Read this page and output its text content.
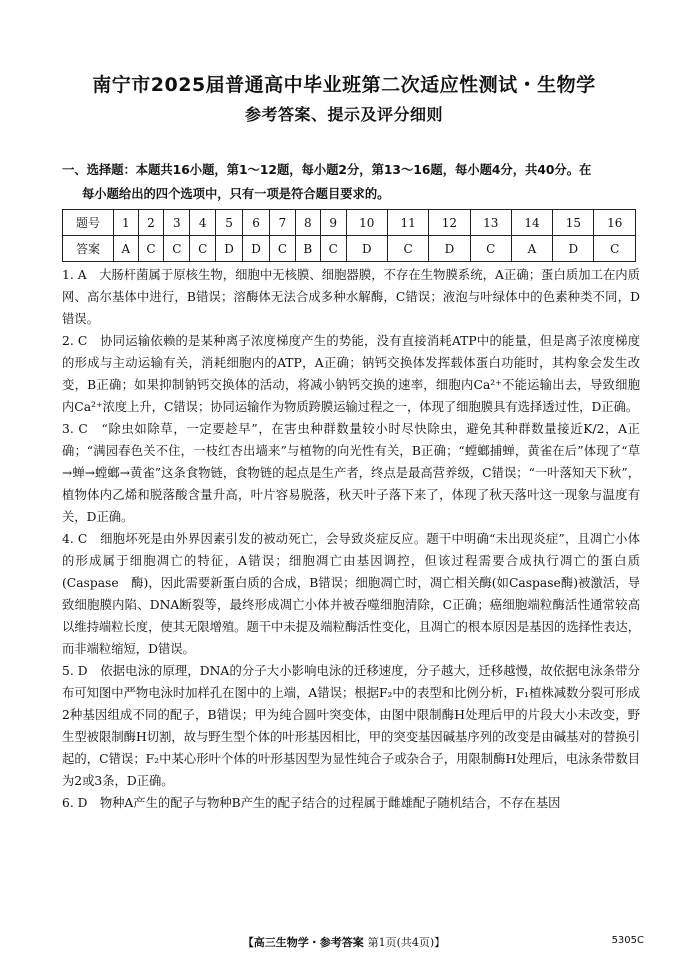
南宁市2025届普通高中毕业班第二次适应性测试・生物学
参考答案、提示及评分细则
一、选择题：本题共16小题，第1～12题，每小题2分，第13～16题，每小题4分，共40分。在
每小题给出的四个选项中，只有一项是符合题目要求的。
题号	1	2	3	4	5	6	7	8	9	10	11	12	13	14	15	16
答案	A	C	C	C	D	D	C	B	C	D	C	D	C	A	D	C

1. A　 大肠杆菌属于原核生物，细胞中无核膜、细胞器膜，不存在生物膜系统，A正确；蛋白质加工在内质网、高尔基体中进行，B错误；溶酶体无法合成多种水解酶，C错误；液泡与叶绿体中的色素种类不同，D错误。

2. C　 协同运输依赖的是某种离子浓度梯度产生的势能，没有直接消耗ATP中的能量，但是离子浓度梯度的形成与主动运输有关，消耗细胞内的ATP，A正确；钠钙交换体发挥载体蛋白功能时，其构象会发生改变，B正确；如果抑制钠钙交换体的活动，将减小钠钙交换的速率，细胞内Ca²⁺不能运输出去，导致细胞内Ca²⁺浓度上升，C错误；协同运输作为物质跨膜运输过程之一，体现了细胞膜具有选择透过性，D正确。

3. C　 “除虫如除草，一定要趁早”，在害虫种群数量较小时尽快除虫，避免其种群数量接近K/2，A正确；“满园春色关不住，一枝红杏出墙来”与植物的向光性有关，B正确；“螳螂捕蝉，黄雀在后”体现了“草→蝉→螳螂→黄雀”这条食物链，食物链的起点是生产者，终点是最高营养级，C错误；“一叶落知天下秋”，植物体内乙烯和脱落酸含量升高，叶片容易脱落，秋天叶子落下来了，体现了秋天落叶这一现象与温度有关，D正确。

4. C　 细胞坏死是由外界因素引发的被动死亡，会导致炎症反应。题干中明确“未出现炎症”，且凋亡小体的形成属于细胞凋亡的特征，A错误；细胞凋亡由基因调控，但该过程需要合成执行凋亡的蛋白质(Caspase　酶)，因此需要新蛋白质的合成，B错误；细胞凋亡时，凋亡相关酶(如Caspase酶)被激活，导致细胞膜内陷、DNA断裂等，最终形成凋亡小体并被吞噬细胞清除，C正确；癌细胞端粒酶活性通常较高以维持端粒长度，使其无限增殖。题干中未提及端粒酶活性变化，且凋亡的根本原因是基因的选择性表达，而非端粒缩短，D错误。

5. D　 依据电泳的原理，DNA的分子大小影响电泳的迁移速度，分子越大，迁移越慢，故依据电泳条带分布可知图中严物电泳时加样孔在图中的上端，A错误；根据F₂中的表型和比例分析，F₁植株减数分裂可形成2种基因组成不同的配子，B错误；甲为纯合圆叶突变体，由图中限制酶H处理后甲的片段大小未改变，野生型被限制酶H切割，故与野生型个体的叶形基因相比，甲的突变基因碱基序列的改变是由碱基对的替换引起的，C错误；F₂中某心形叶个体的叶形基因型为显性纯合子或杂合子，用限制酶H处理后，电泳条带数目为2或3条，D正确。

6. D　 物种A产生的配子与物种B产生的配子结合的过程属于雌雄配子随机结合，不存在基因

【高三生物学・参考答案 第1页(共4页)】	5305C
